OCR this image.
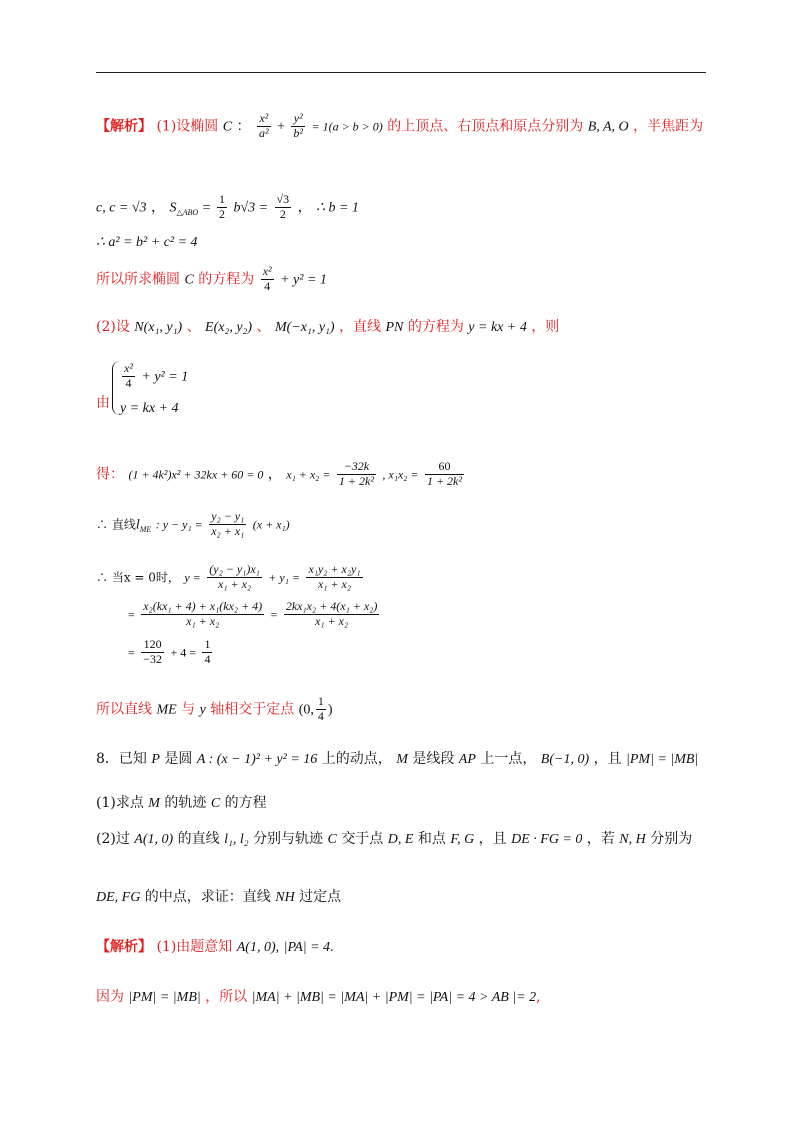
【解析】 (1)设椭圆 C ： $\frac{\text{x²}}{\text{a²}} + \frac{\text{y²}}{\text{b²}} = 1(a > b > 0)$ 的上顶点、右顶点和原点分别为 B, A, O ，半焦距为
c, c = √3 ， $S_{\triangle ABO} = \frac{1}{2} b√3 = \frac{√3}{2}$ ， ∴ b = 1
∴ a² = b² + c² = 4
所以所求椭圆 C 的方程为 $\frac{\text{x²}}{4} + y^2 = 1$
(2)设 N(x₁, y₁) 、 E(x₂, y₂) 、 M(−x₁, y₁) ，直线 PN 的方程为 y = kx + 4 ，则
由
$\frac{\text{x²}}{4} + y^2 = 1$
y = kx + 4
得： (1 + 4k²)x² + 32kx + 60 = 0 ， $x_1 + x_2 = \frac{-32k}{\text{1 + 2k²}}$ , $x_1x_2 = \frac{60}{\text{1 + 2k²}}$
∴ 直线$l_{ME}$ : $y - y_1 = \frac{\text{y₂ − y₁}}{\text{x₂ + x₁}} (x + x_1)$
∴ 当x = 0时， $y = \frac{\text{(y₂ − y₁)x₁}}{\text{x₁ + x₂}} + y_1 = \frac{\text{x₁y₂ + x₂y₁}}{\text{x₁ + x₂}}$
= $\frac{\text{x₂(kx₁ + 4) + x₁(kx₂ + 4)}}{\text{x₁ + x₂}} = \frac{\text{2kx₁x₂ + 4(x₁ + x₂)}}{\text{x₁ + x₂}}$
= $\frac{120}{-32} + 4 = \frac{1}{4}$
所以直线 ME 与 y 轴相交于定点 (0, $\frac{1}{4}$ )
8．已知 P 是圆 A : (x − 1)² + y² = 16 上的动点， M 是线段 AP 上一点， B(−1, 0) ，且 |PM| = |MB|
(1)求点 M 的轨迹 C 的方程
(2)过 A(1, 0) 的直线 l₁, l₂ 分别与轨迹 C 交于点 D, E 和点 F, G ，且 DE · FG = 0 ，若 N, H 分别为
DE, FG 的中点，求证：直线 NH 过定点
【解析】 (1)由题意知 A(1, 0), |PA| = 4.
因为 |PM| = |MB| ，所以 |MA| + |MB| = |MA| + |PM| = |PA| = 4 > AB |= 2,
